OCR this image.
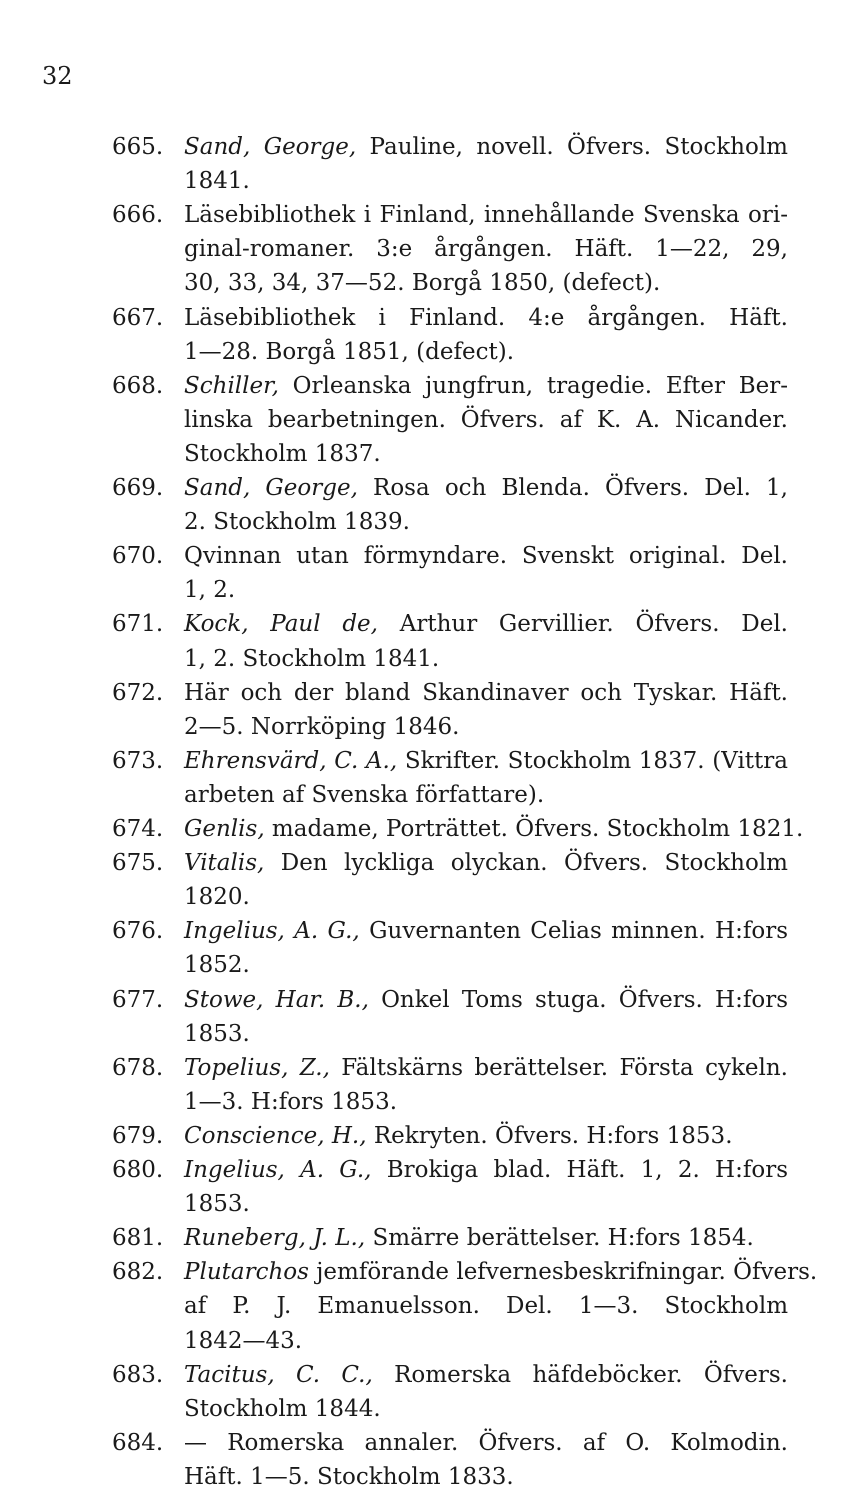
32
665. Sand, George, Pauline, novell. Öfvers. Stockholm
1841.
666. Läsebibliothek i Finland, innehållande Svenska ori-
ginal-romaner. 3:e årgången. Häft. 1—22, 29,
30, 33, 34, 37—52. Borgå 1850, (defect).
667. Läsebibliothek i Finland. 4:e årgången. Häft.
1—28. Borgå 1851, (defect).
668. Schiller, Orleanska jungfrun, tragedie. Efter Ber-
linska bearbetningen. Öfvers. af K. A. Nicander.
Stockholm 1837.
669. Sand, George, Rosa och Blenda. Öfvers. Del. 1,
2. Stockholm 1839.
670. Qvinnan utan förmyndare. Svenskt original. Del.
1, 2.
671. Kock, Paul de, Arthur Gervillier. Öfvers. Del.
1, 2. Stockholm 1841.
672. Här och der bland Skandinaver och Tyskar. Häft.
2—5. Norrköping 1846.
673. Ehrensvärd, C. A., Skrifter. Stockholm 1837. (Vittra
arbeten af Svenska författare).
674. Genlis, madame, Porträttet. Öfvers. Stockholm 1821.
675. Vitalis, Den lyckliga olyckan. Öfvers. Stockholm
1820.
676. Ingelius, A. G., Guvernanten Celias minnen. H:fors
1852.
677. Stowe, Har. B., Onkel Toms stuga. Öfvers. H:fors
1853.
678. Topelius, Z., Fältskärns berättelser. Första cykeln.
1—3. H:fors 1853.
679. Conscience, H., Rekryten. Öfvers. H:fors 1853.
680. Ingelius, A. G., Brokiga blad. Häft. 1, 2. H:fors
1853.
681. Runeberg, J. L., Smärre berättelser. H:fors 1854.
682. Plutarchos jemförande lefvernesbeskrifningar. Öfvers.
af P. J. Emanuelsson. Del. 1—3. Stockholm
1842—43.
683. Tacitus, C. C., Romerska häfdeböcker. Öfvers.
Stockholm 1844.
684. — Romerska annaler. Öfvers. af O. Kolmodin.
Häft. 1—5. Stockholm 1833.
